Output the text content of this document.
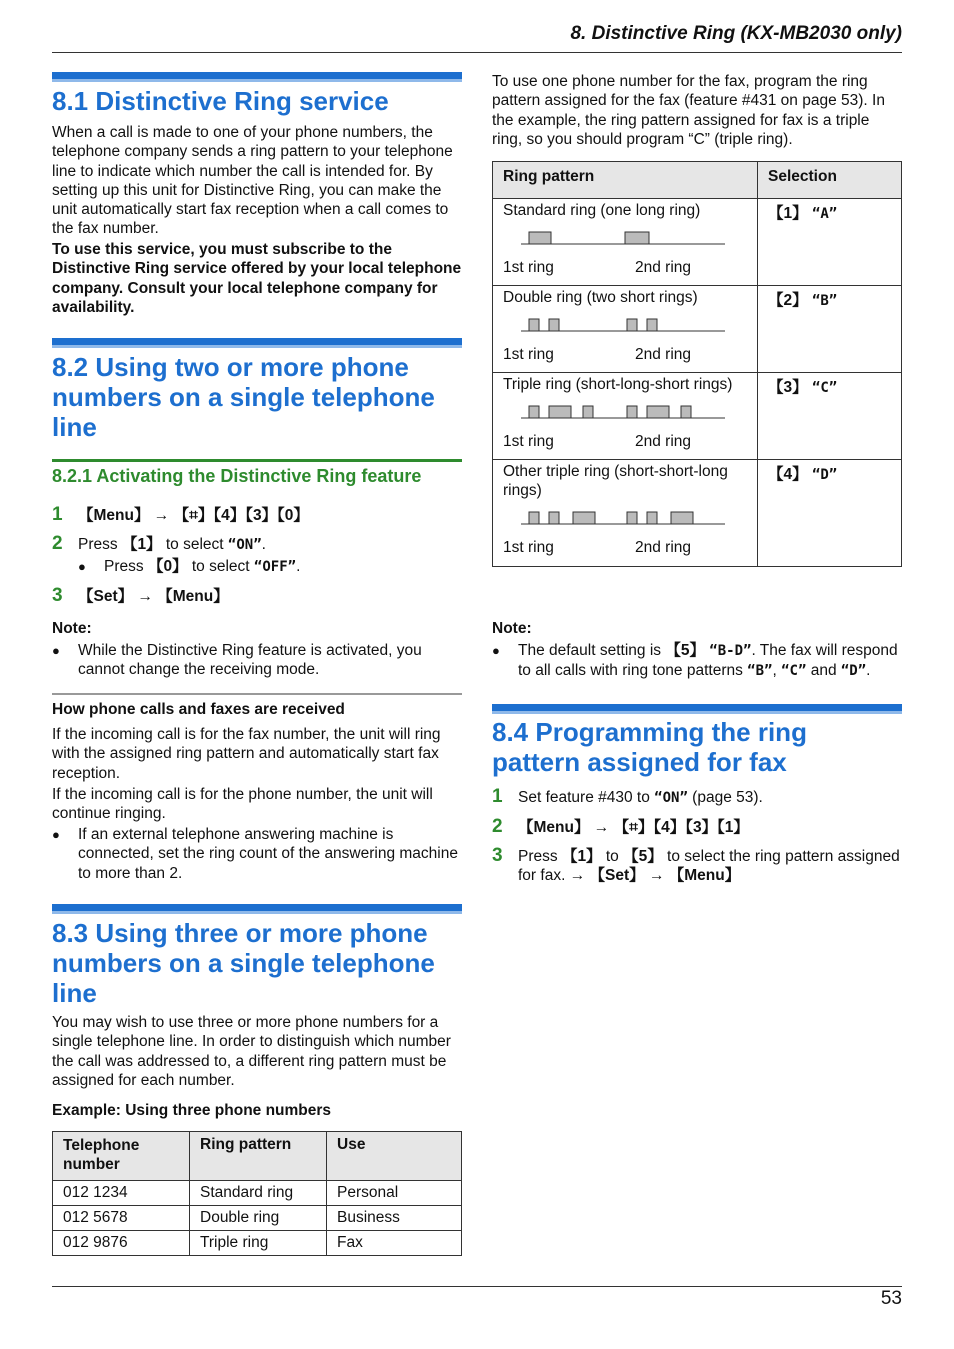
8. Distinctive Ring (KX-MB2030 only)
8.1 Distinctive Ring service

When a call is made to one of your phone numbers, the telephone company sends a ring pattern to your telephone line to indicate which number the call is intended for. By setting up this unit for Distinctive Ring, you can make the unit automatically start fax reception when a call comes to the fax number.

To use this service, you must subscribe to the Distinctive Ring service offered by your local telephone company. Consult your local telephone company for availability.

8.2 Using two or more phone numbers on a single telephone line
8.2.1 Activating the Distinctive Ring feature
1 【Menu】 → 【⌗】【4】【3】【0】
2 Press 【1】 to select “ON”.
●	Press 【0】 to select “OFF”.
3 【Set】 → 【Menu】

Note:

●	While the Distinctive Ring feature is activated, you cannot change the receiving mode.

How phone calls and faxes are received

If the incoming call is for the fax number, the unit will ring with the assigned ring pattern and automatically start fax reception.

If the incoming call is for the phone number, the unit will continue ringing.

●	If an external telephone answering machine is connected, set the ring count of the answering machine to more than 2.
8.3 Using three or more phone numbers on a single telephone line

You may wish to use three or more phone numbers for a single telephone line. In order to distinguish which number the call was addressed to, a different ring pattern must be assigned for each number.

Example: Using three phone numbers

Telephone number	Ring pattern	Use
012 1234	Standard ring	Personal
012 5678	Double ring	Business
012 9876	Triple ring	Fax

To use one phone number for the fax, program the ring pattern assigned for the fax (feature #431 on page 53). In the example, the ring pattern assigned for fax is a triple ring, so you should program “C” (triple ring).

Ring pattern	Selection

Standard ring (one long ring)
1st ring 2nd ring	【1】 “A”

Double ring (two short rings)
1st ring 2nd ring	【2】 “B”

Triple ring (short-long-short rings)
1st ring 2nd ring	【3】 “C”

Other triple ring (short-short-long rings)
1st ring 2nd ring	【4】 “D”

Note:

●	The default setting is 【5】 “B-D”. The fax will respond to all calls with ring tone patterns “B”, “C” and “D”.
8.4 Programming the ring pattern assigned for fax
1 Set feature #430 to “ON” (page 53).
2 【Menu】 → 【⌗】【4】【3】【1】
3 Press 【1】 to 【5】 to select the ring pattern assigned for fax. → 【Set】 → 【Menu】
53
